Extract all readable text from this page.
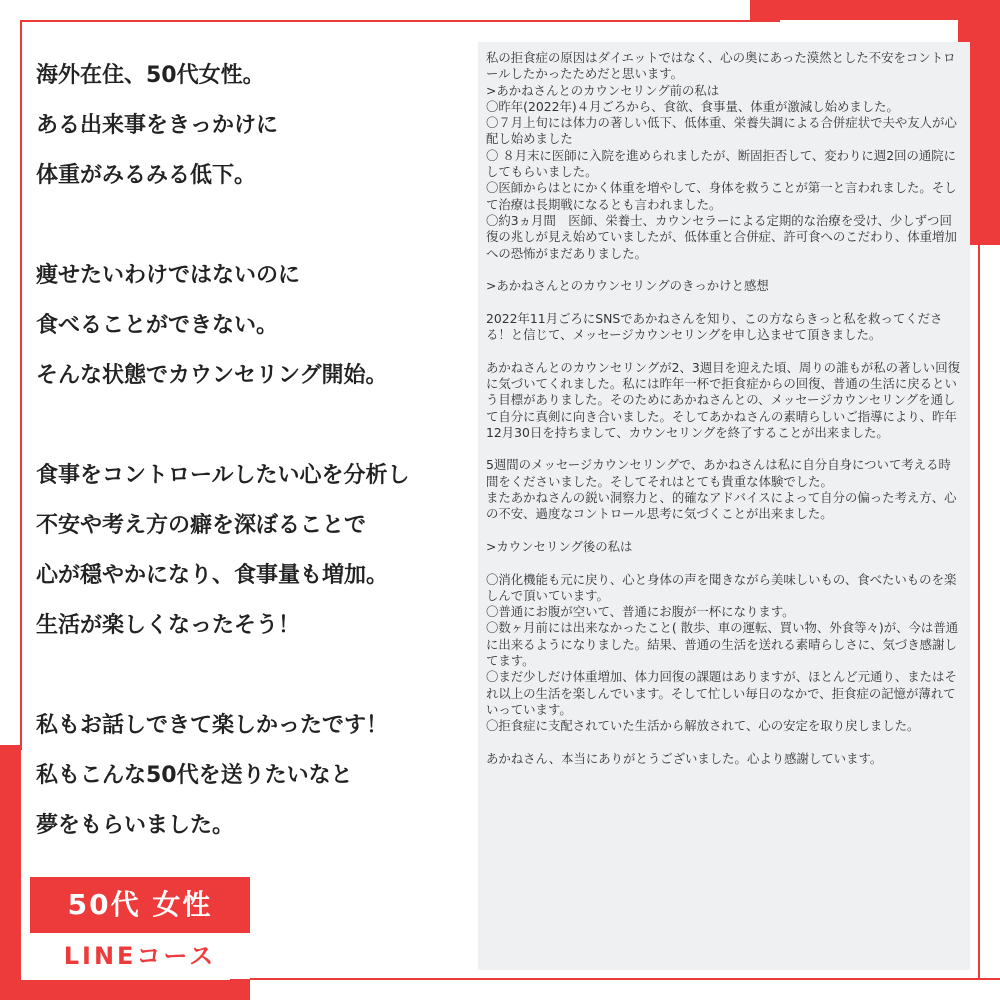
海外在住、50代女性。
ある出来事をきっかけに
体重がみるみる低下。
痩せたいわけではないのに
食べることができない。
そんな状態でカウンセリング開始。
食事をコントロールしたい心を分析し
不安や考え方の癖を深ぼることで
心が穏やかになり、食事量も増加。
生活が楽しくなったそう！
私もお話しできて楽しかったです！
私もこんな50代を送りたいなと
夢をもらいました。
50代 女性
LINEコース
私の拒食症の原因はダイエットではなく、心の奥にあった漠然とした不安をコントロールしたかったためだと思います。
>あかねさんとのカウンセリング前の私は
〇昨年(2022年)４月ごろから、食欲、食事量、体重が激減し始めました。
〇７月上旬には体力の著しい低下、低体重、栄養失調による合併症状で夫や友人が心配し始めました
〇 ８月末に医師に入院を進められましたが、断固拒否して、変わりに週2回の通院にしてもらいました。
〇医師からはとにかく体重を増やして、身体を救うことが第一と言われました。そして治療は長期戦になるとも言われました。
〇約3ヵ月間　医師、栄養士、カウンセラーによる定期的な治療を受け、少しずつ回復の兆しが見え始めていましたが、低体重と合併症、許可食へのこだわり、体重増加への恐怖がまだありました。

>あかねさんとのカウンセリングのきっかけと感想

2022年11月ごろにSNSであかねさんを知り、この方ならきっと私を救ってくださる！と信じて、メッセージカウンセリングを申し込ませて頂きました。

あかねさんとのカウンセリングが2、3週目を迎えた頃、周りの誰もが私の著しい回復に気づいてくれました。私には昨年一杯で拒食症からの回復、普通の生活に戻るという目標がありました。そのためにあかねさんとの、メッセージカウンセリングを通して自分に真剣に向き合いました。そしてあかねさんの素晴らしいご指導により、昨年12月30日を持ちまして、カウンセリングを終了することが出来ました。

5週間のメッセージカウンセリングで、あかねさんは私に自分自身について考える時間をくださいました。そしてそれはとても貴重な体験でした。
またあかねさんの鋭い洞察力と、的確なアドバイスによって自分の偏った考え方、心の不安、過度なコントロール思考に気づくことが出来ました。

>カウンセリング後の私は

〇消化機能も元に戻り、心と身体の声を聞きながら美味しいもの、食べたいものを楽しんで頂いています。
〇普通にお腹が空いて、普通にお腹が一杯になります。
〇数ヶ月前には出来なかったこと( 散歩、車の運転、買い物、外食等々)が、今は普通に出来るようになりました。結果、普通の生活を送れる素晴らしさに、気づき感謝してます。
〇まだ少しだけ体重増加、体力回復の課題はありますが、ほとんど元通り、またはそれ以上の生活を楽しんでいます。そして忙しい毎日のなかで、拒食症の記憶が薄れていっています。
〇拒食症に支配されていた生活から解放されて、心の安定を取り戻しました。

あかねさん、本当にありがとうございました。心より感謝しています。
